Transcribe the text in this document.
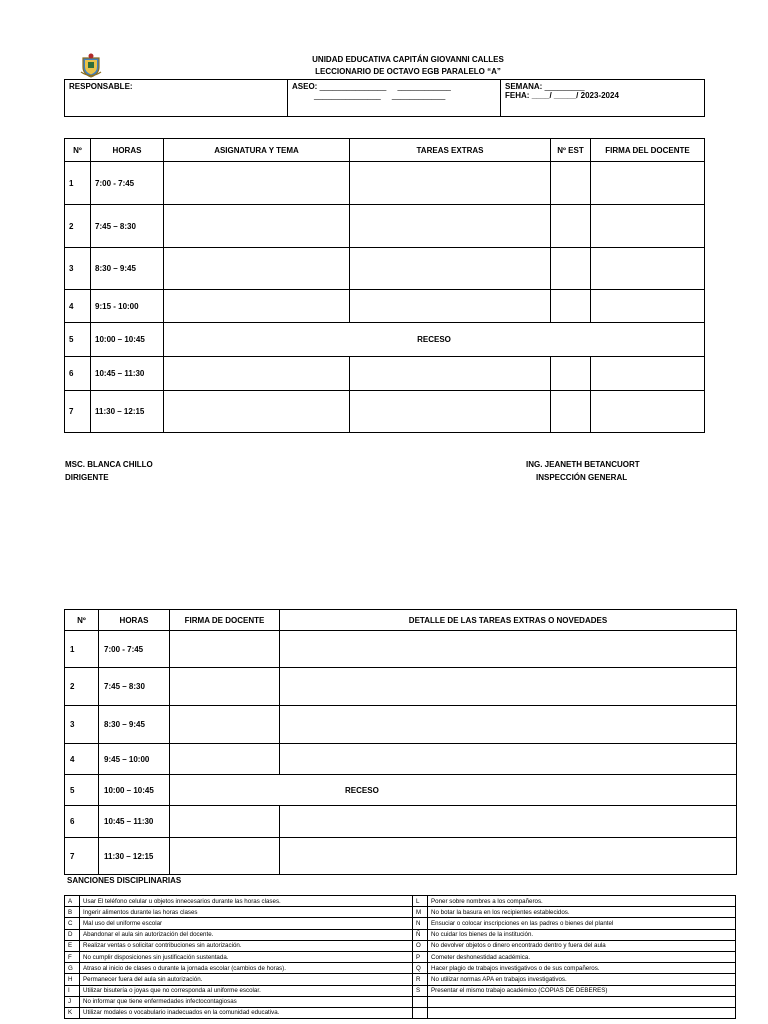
UNIDAD EDUCATIVA CAPITÁN GIOVANNI CALLES
LECCIONARIO DE OCTAVO EGB PARALELO “A”
RESPONSABLE:	ASEO: _______________ ____________
_______________ ____________

SEMANA: _________
FEHA: ____/ _____/ 2023-2024
Nº	HORAS	ASIGNATURA Y TEMA	TAREAS EXTRAS	Nº EST	FIRMA DEL DOCENTE
1	7:00 - 7:45				
2	7:45 – 8:30				
3	8:30 – 9:45				
4	9:15 - 10:00				
5	10:00 – 10:45	RECESO			
6	10:45 – 11:30				
7	11:30 – 12:15				
MSC. BLANCA CHILLO
DIRIGENTE
ING. JEANETH BETANCUORT
INSPECCIÓN GENERAL
Nº	HORAS	FIRMA DE DOCENTE	DETALLE DE LAS TAREAS EXTRAS O NOVEDADES
1	7:00 - 7:45		
2	7:45 – 8:30		
3	8:30 – 9:45		
4	9:45 – 10:00		
5	10:00 – 10:45	RECESO	
6	10:45 – 11:30		
7	11:30 – 12:15		
SANCIONES DISCIPLINARIAS
A	Usar El teléfono celular u objetos innecesarios durante las horas clases.	L	Poner sobre nombres a los compañeros.
B	Ingerir alimentos durante las horas clases	M	No botar la basura en los recipientes establecidos.
C	Mal uso del uniforme escolar	N	Ensuciar o colocar inscripciones en las padres o bienes del plantel
D	Abandonar el aula sin autorización del docente.	Ñ	No cuidar los bienes de la institución.
E	Realizar ventas o solicitar contribuciones sin autorización.	O	No devolver objetos o dinero encontrado dentro y fuera del aula
F	No cumplir disposiciones sin justificación sustentada.	P	Cometer deshonestidad académica.
G	Atraso al inicio de clases o durante la jornada escolar (cambios de horas).	Q	Hacer plagio de trabajos investigativos o de sus compañeros.
H	Permanecer fuera del aula sin autorización.	R	No utilizar normas APA en trabajos investigativos.
I	Utilizar bisutería o joyas que no corresponda al uniforme escolar.	S	Presentar el mismo trabajo académico (COPIAS DE DEBERES)
J	No informar que tiene enfermedades infectocontagiosas		
K	Utilizar modales o vocabulario inadecuados en la comunidad educativa.		
